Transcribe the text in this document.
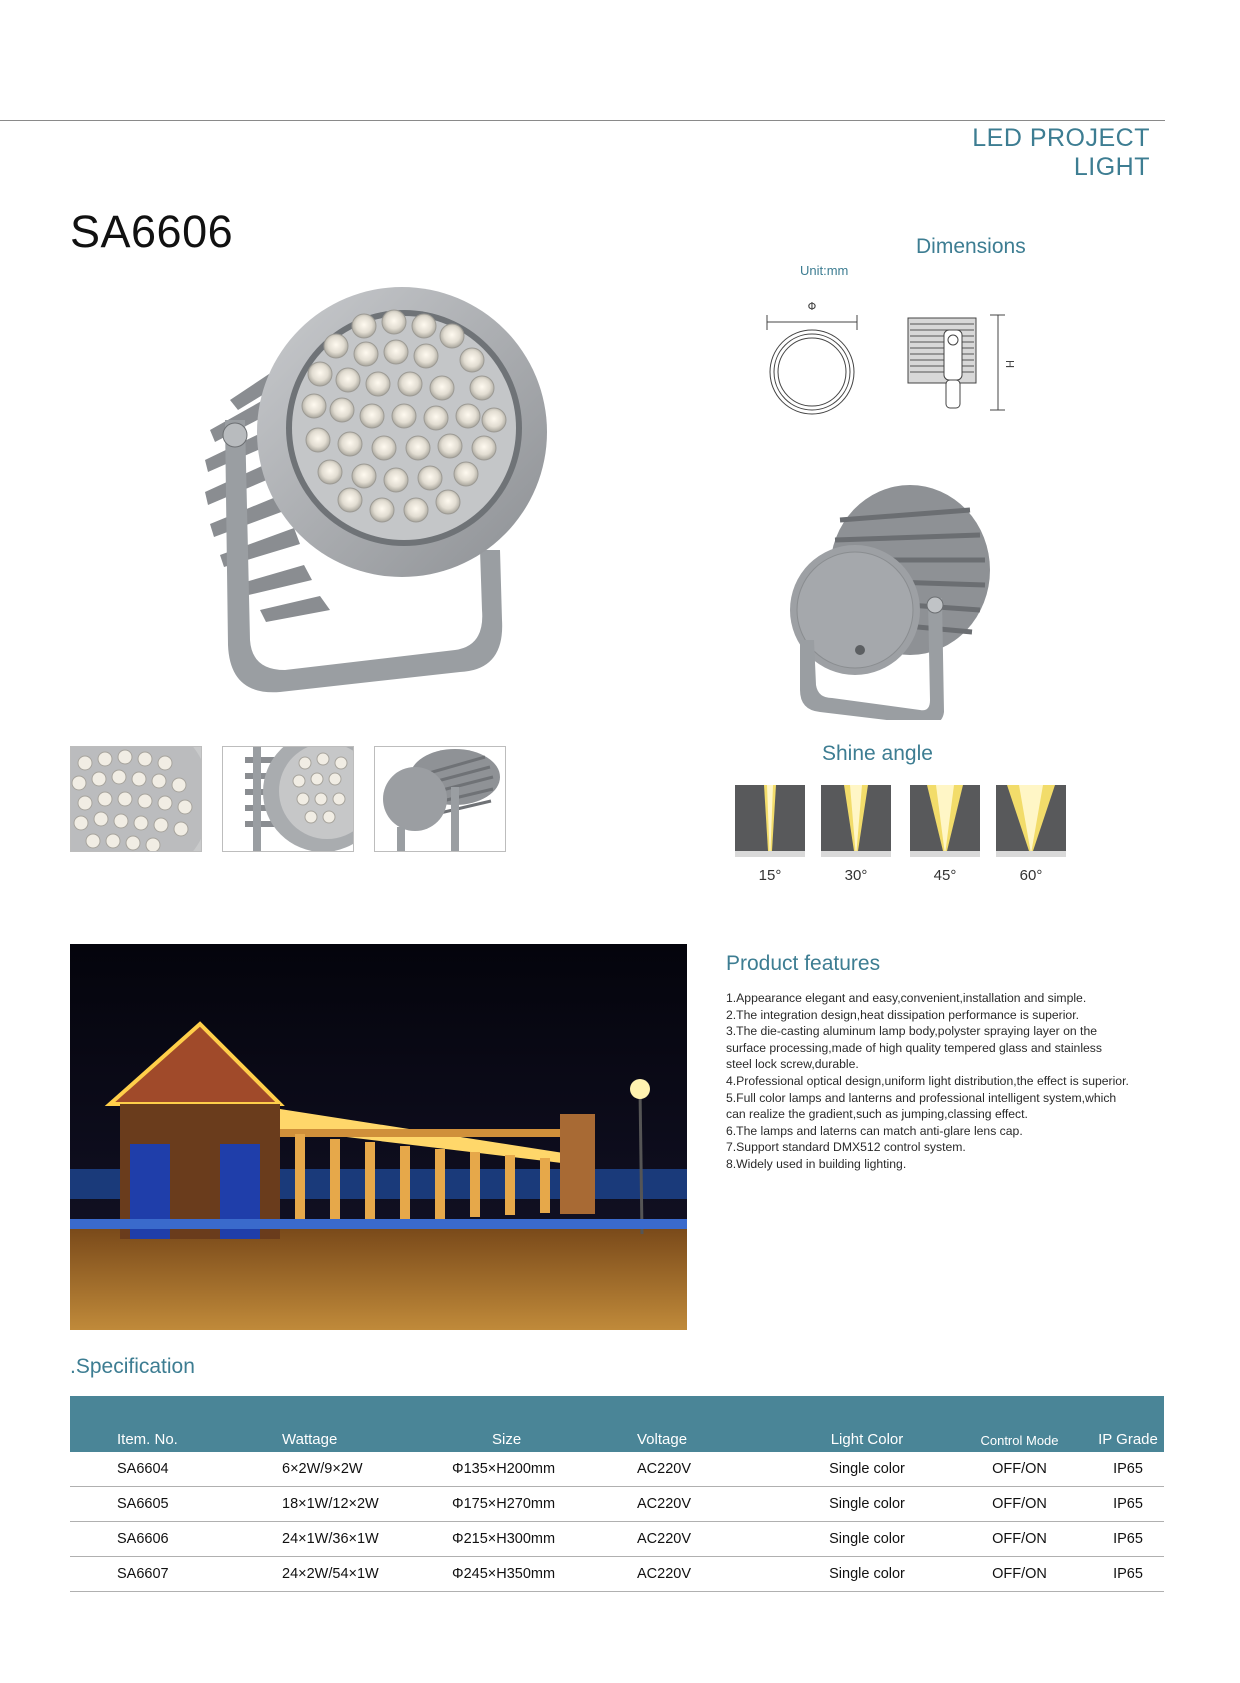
LED PROJECT LIGHT
SA6606	Dimensions
Unit:mm
Φ
H
Shine angle
15°	30°	45°	60°
Product features
1.Appearance elegant and easy,convenient,installation and simple.
2.The integration design,heat dissipation performance is superior.
3.The die-casting aluminum lamp body,polyster spraying layer on the
surface processing,made of high quality tempered glass and stainless
steel lock screw,durable.
4.Professional optical design,uniform light distribution,the effect is superior.
5.Full color lamps and lanterns and professional intelligent system,which
can realize the gradient,such as jumping,classing effect.
6.The lamps and laterns can match anti-glare lens cap.
7.Support standard DMX512 control system.
8.Widely used in building lighting.
.Specification
Item. No.	Wattage	Size	Voltage	Light Color	Control Mode	IP Grade
SA6604	6×2W/9×2W	Φ135×H200mm	AC220V	Single color	OFF/ON	IP65
SA6605	18×1W/12×2W	Φ175×H270mm	AC220V	Single color	OFF/ON	IP65
SA6606	24×1W/36×1W	Φ215×H300mm	AC220V	Single color	OFF/ON	IP65
SA6607	24×2W/54×1W	Φ245×H350mm	AC220V	Single color	OFF/ON	IP65
